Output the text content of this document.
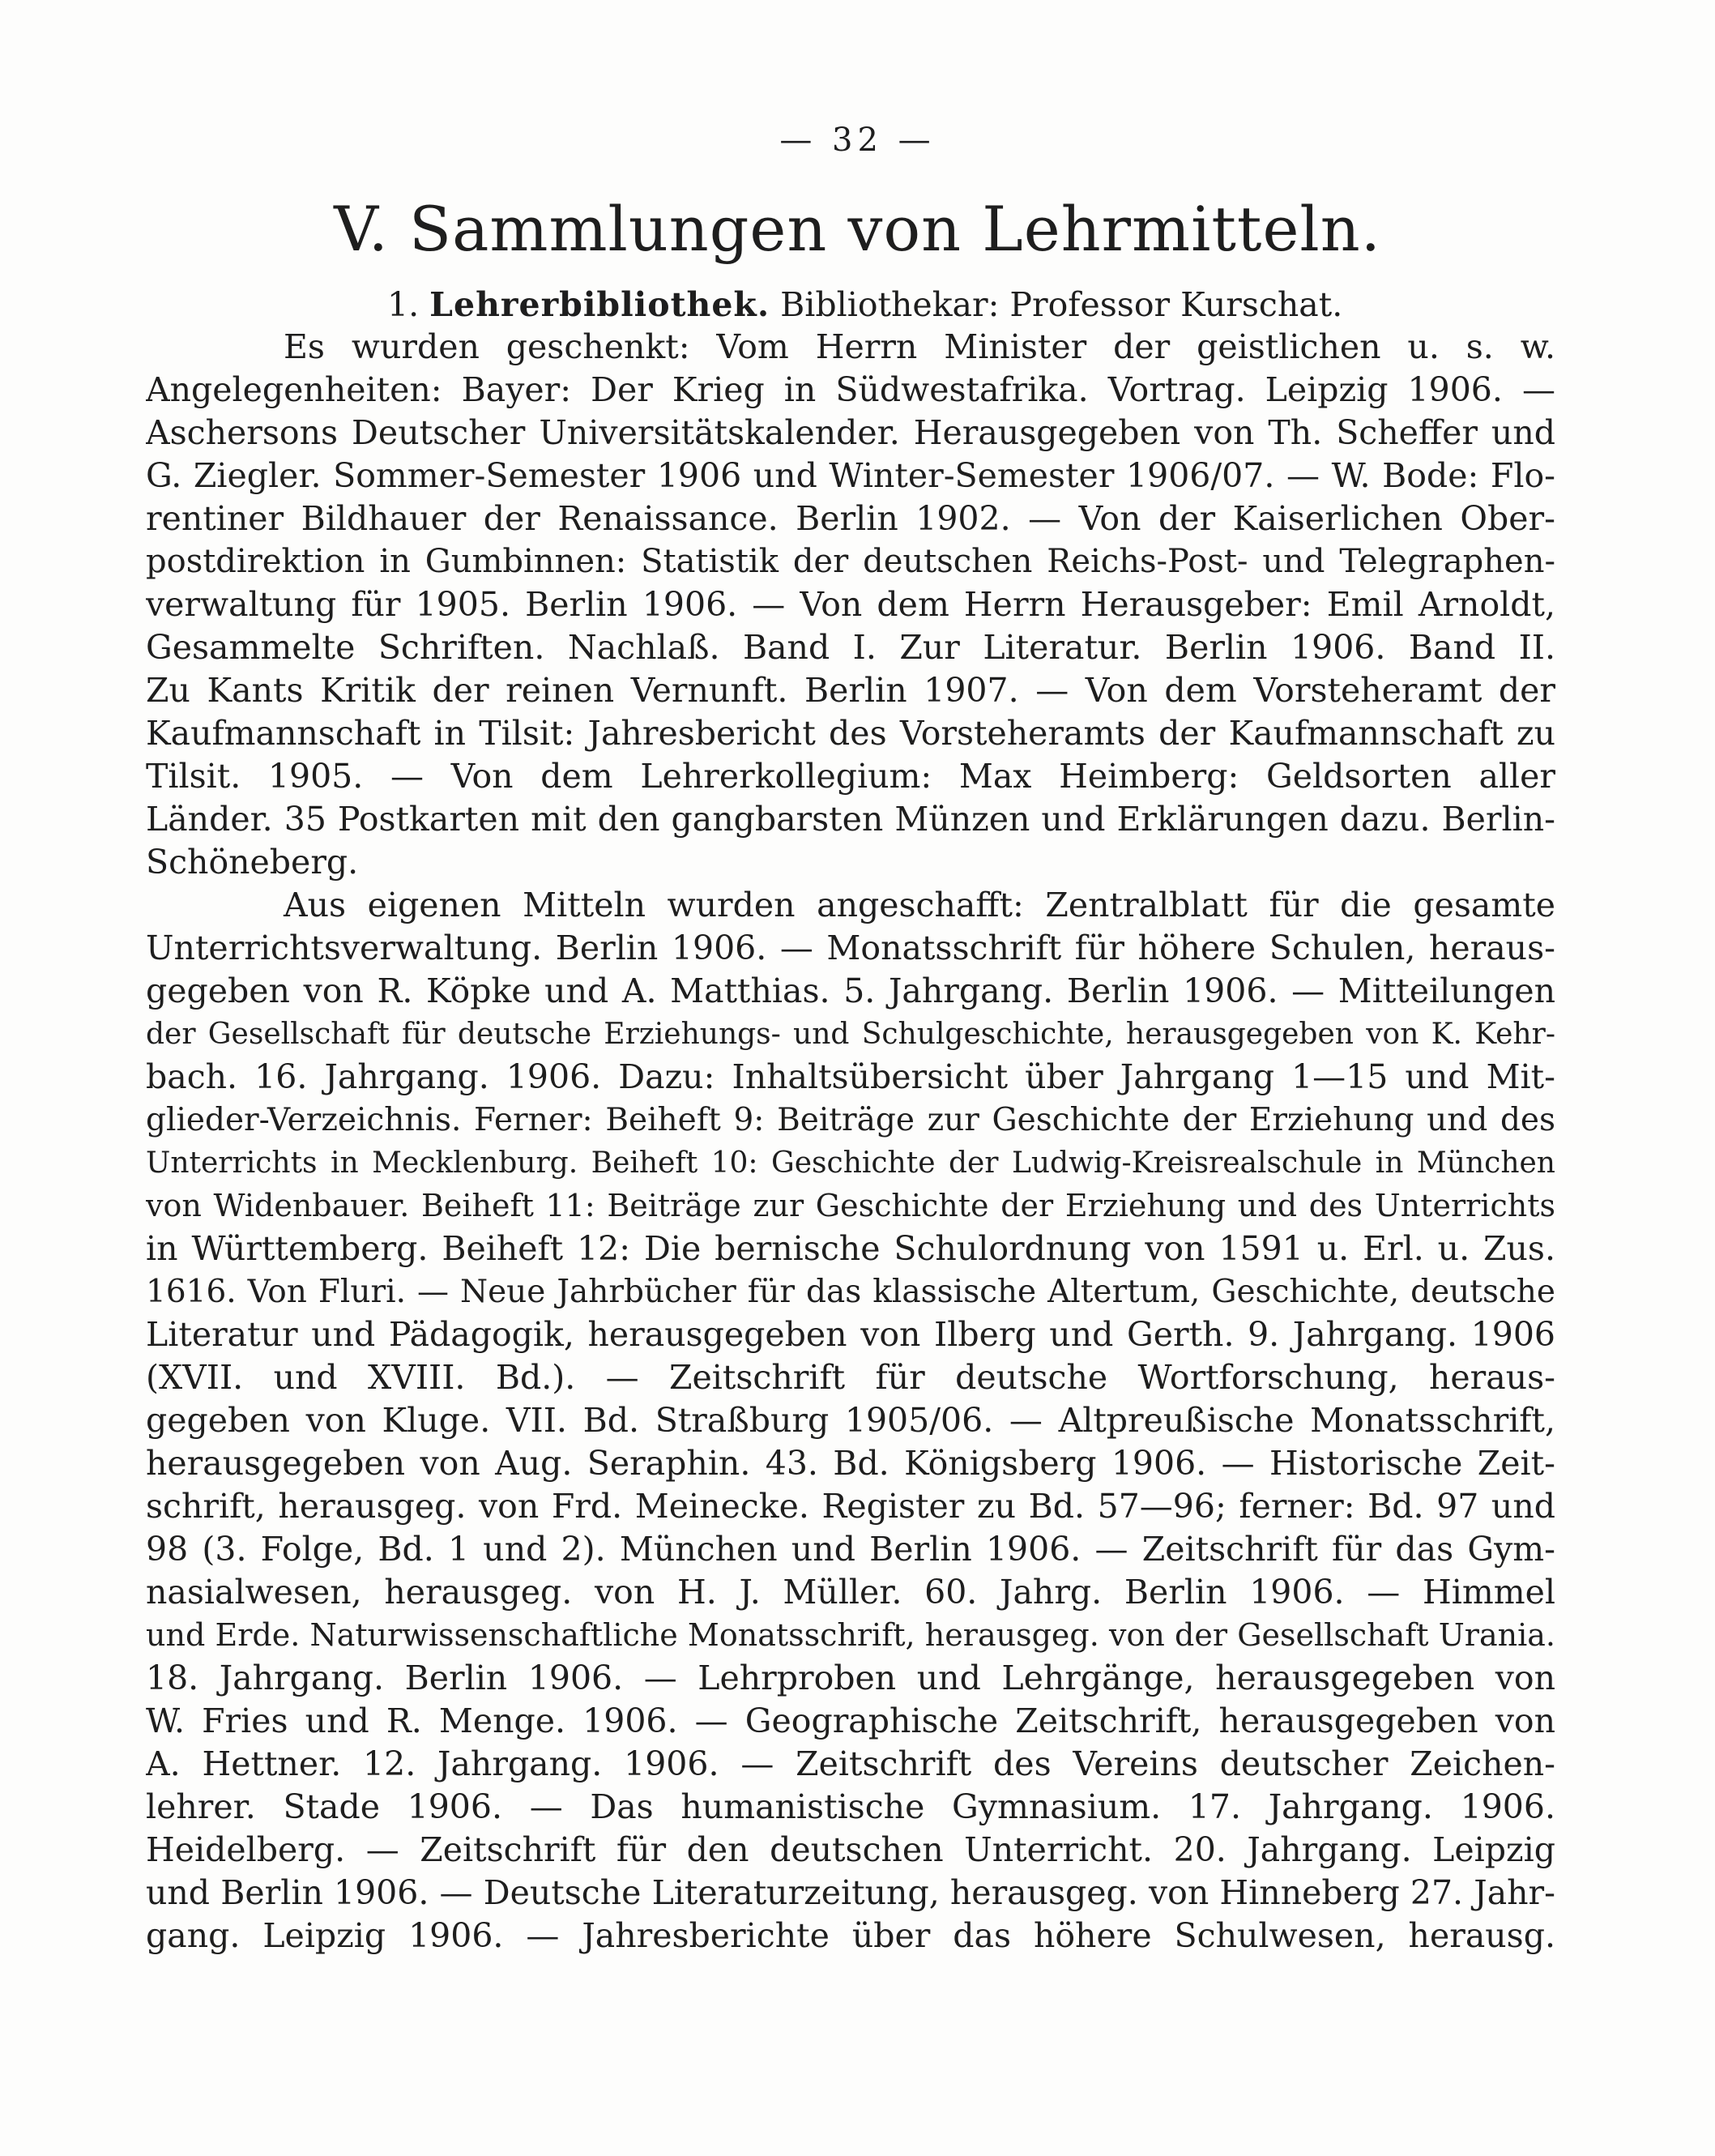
— 32 —
V. Sammlungen von Lehrmitteln.
1. Lehrerbibliothek. Bibliothekar: Professor Kurschat.
Es wurden geschenkt: Vom Herrn Minister der geistlichen u. s. w.
Angelegenheiten: Bayer: Der Krieg in Südwestafrika. Vortrag. Leipzig 1906. —
Aschersons Deutscher Universitätskalender. Herausgegeben von Th. Scheffer und
G. Ziegler. Sommer-Semester 1906 und Winter-Semester 1906/07. — W. Bode: Flo-
rentiner Bildhauer der Renaissance. Berlin 1902. — Von der Kaiserlichen Ober-
postdirektion in Gumbinnen: Statistik der deutschen Reichs-Post- und Telegraphen-
verwaltung für 1905. Berlin 1906. — Von dem Herrn Herausgeber: Emil Arnoldt,
Gesammelte Schriften. Nachlaß. Band I. Zur Literatur. Berlin 1906. Band II.
Zu Kants Kritik der reinen Vernunft. Berlin 1907. — Von dem Vorsteheramt der
Kaufmannschaft in Tilsit: Jahresbericht des Vorsteheramts der Kaufmannschaft zu
Tilsit. 1905. — Von dem Lehrerkollegium: Max Heimberg: Geldsorten aller
Länder. 35 Postkarten mit den gangbarsten Münzen und Erklärungen dazu. Berlin-
Schöneberg.
Aus eigenen Mitteln wurden angeschafft: Zentralblatt für die gesamte
Unterrichtsverwaltung. Berlin 1906. — Monatsschrift für höhere Schulen, heraus-
gegeben von R. Köpke und A. Matthias. 5. Jahrgang. Berlin 1906. — Mitteilungen
der Gesellschaft für deutsche Erziehungs- und Schulgeschichte, herausgegeben von K. Kehr-
bach. 16. Jahrgang. 1906. Dazu: Inhaltsübersicht über Jahrgang 1—15 und Mit-
glieder-Verzeichnis. Ferner: Beiheft 9: Beiträge zur Geschichte der Erziehung und des
Unterrichts in Mecklenburg. Beiheft 10: Geschichte der Ludwig-Kreisrealschule in München
von Widenbauer. Beiheft 11: Beiträge zur Geschichte der Erziehung und des Unterrichts
in Württemberg. Beiheft 12: Die bernische Schulordnung von 1591 u. Erl. u. Zus.
1616. Von Fluri. — Neue Jahrbücher für das klassische Altertum, Geschichte, deutsche
Literatur und Pädagogik, herausgegeben von Ilberg und Gerth. 9. Jahrgang. 1906
(XVII. und XVIII. Bd.). — Zeitschrift für deutsche Wortforschung, heraus-
gegeben von Kluge. VII. Bd. Straßburg 1905/06. — Altpreußische Monatsschrift,
herausgegeben von Aug. Seraphin. 43. Bd. Königsberg 1906. — Historische Zeit-
schrift, herausgeg. von Frd. Meinecke. Register zu Bd. 57—96; ferner: Bd. 97 und
98 (3. Folge, Bd. 1 und 2). München und Berlin 1906. — Zeitschrift für das Gym-
nasialwesen, herausgeg. von H. J. Müller. 60. Jahrg. Berlin 1906. — Himmel
und Erde. Naturwissenschaftliche Monatsschrift, herausgeg. von der Gesellschaft Urania.
18. Jahrgang. Berlin 1906. — Lehrproben und Lehrgänge, herausgegeben von
W. Fries und R. Menge. 1906. — Geographische Zeitschrift, herausgegeben von
A. Hettner. 12. Jahrgang. 1906. — Zeitschrift des Vereins deutscher Zeichen-
lehrer. Stade 1906. — Das humanistische Gymnasium. 17. Jahrgang. 1906.
Heidelberg. — Zeitschrift für den deutschen Unterricht. 20. Jahrgang. Leipzig
und Berlin 1906. — Deutsche Literaturzeitung, herausgeg. von Hinneberg 27. Jahr-
gang. Leipzig 1906. — Jahresberichte über das höhere Schulwesen, herausg.
